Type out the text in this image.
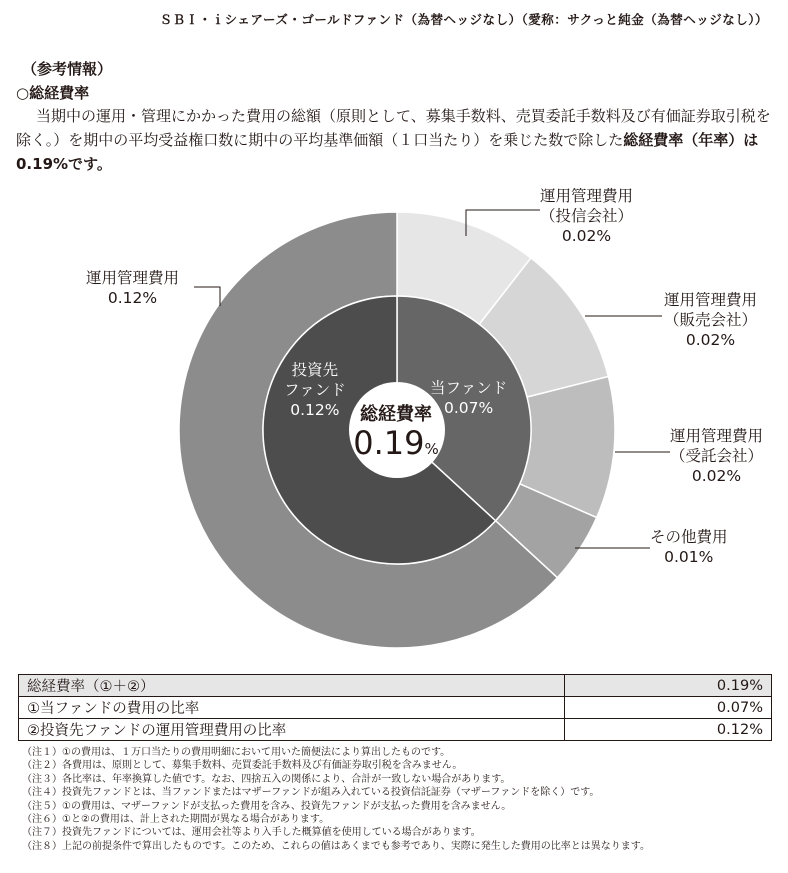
ＳＢＩ・ｉシェアーズ・ゴールドファンド（為替ヘッジなし）（愛称：サクっと純金（為替ヘッジなし））
（参考情報）
○総経費率
当期中の運用・管理にかかった費用の総額（原則として、募集手数料、売買委託手数料及び有価証券取引税を除く。）を期中の平均受益権口数に期中の平均基準価額（１口当たり）を乗じた数で除した総経費率（年率）は0.19%です。
運用管理費用
（投信会社）
0.02%
運用管理費用
（販売会社）
0.02%
運用管理費用
（受託会社）
0.02%
その他費用
0.01%
運用管理費用
0.12%
当ファンド
0.07%
投資先
ファンド
0.12%	総経費率
0.19%
総経費率（①＋②）	0.19%
①当ファンドの費用の比率	0.07%
②投資先ファンドの運用管理費用の比率	0.12%
（注１）①の費用は、１万口当たりの費用明細において用いた簡便法により算出したものです。
（注２）各費用は、原則として、募集手数料、売買委託手数料及び有価証券取引税を含みません。
（注３）各比率は、年率換算した値です。なお、四捨五入の関係により、合計が一致しない場合があります。
（注４）投資先ファンドとは、当ファンドまたはマザーファンドが組み入れている投資信託証券（マザーファンドを除く）です。
（注５）①の費用は、マザーファンドが支払った費用を含み、投資先ファンドが支払った費用を含みません。
（注６）①と②の費用は、計上された期間が異なる場合があります。
（注７）投資先ファンドについては、運用会社等より入手した概算値を使用している場合があります。
（注８）上記の前提条件で算出したものです。このため、これらの値はあくまでも参考であり、実際に発生した費用の比率とは異なります。
